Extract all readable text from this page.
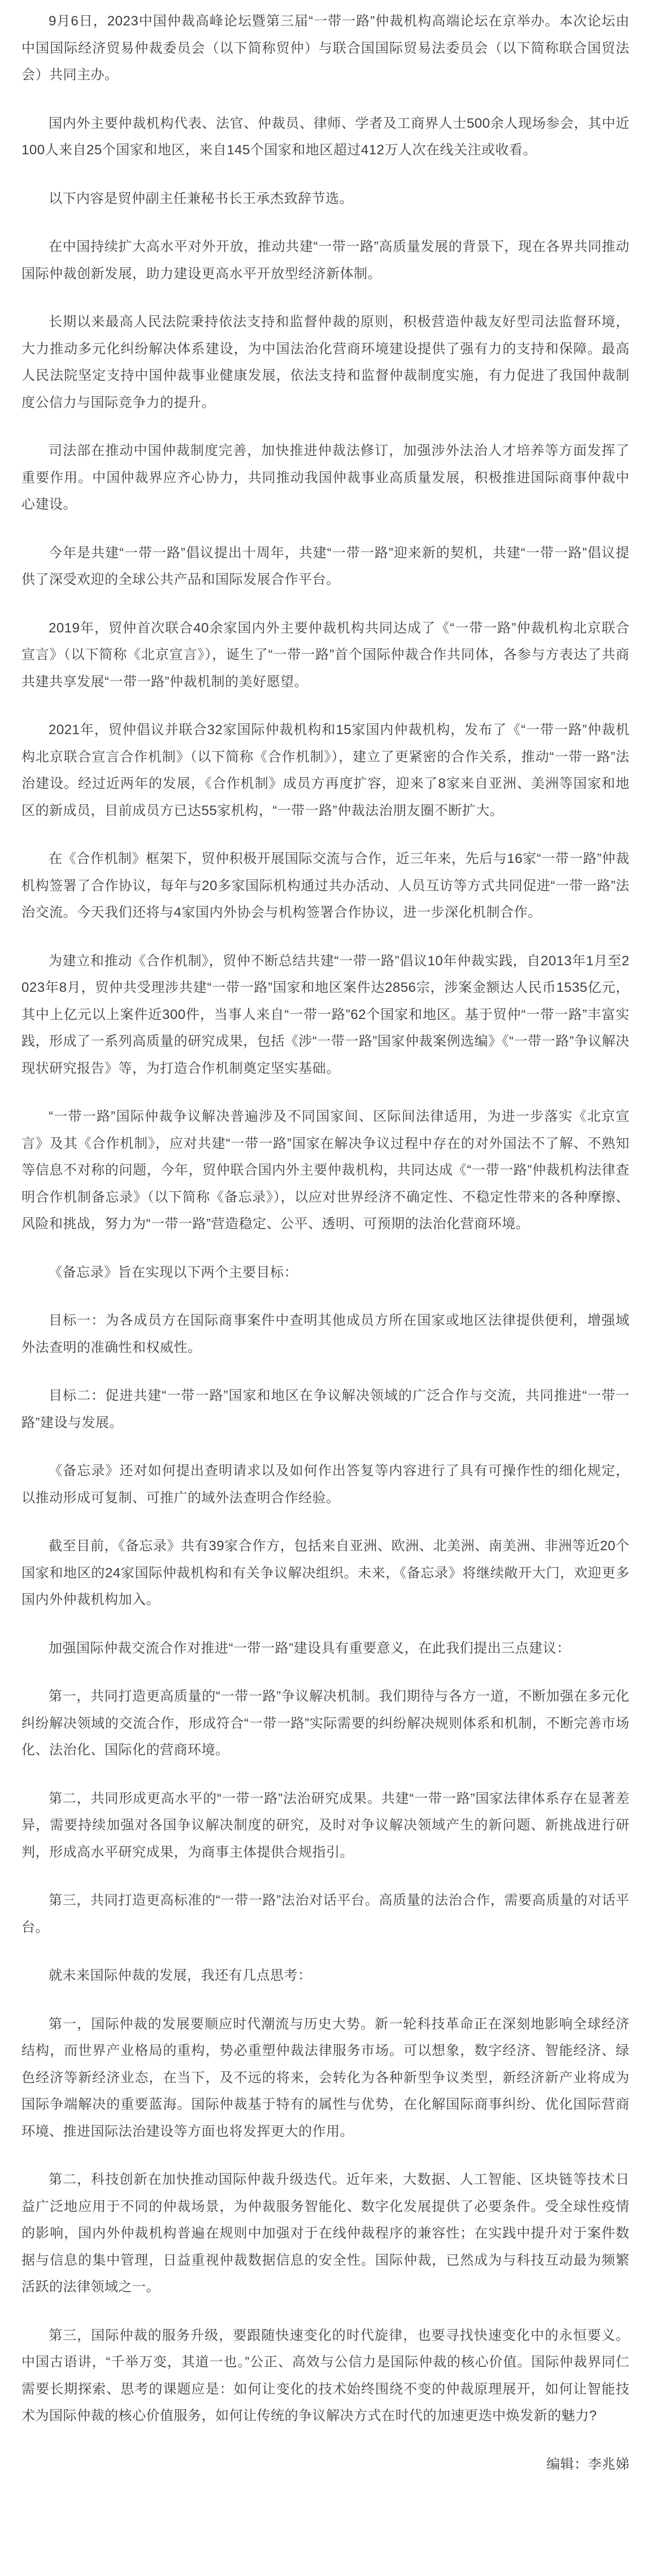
9月6日，2023中国仲裁高峰论坛暨第三届“一带一路”仲裁机构高端论坛在京举办。本次论坛由中国国际经济贸易仲裁委员会（以下简称贸仲）与联合国国际贸易法委员会（以下简称联合国贸法会）共同主办。

国内外主要仲裁机构代表、法官、仲裁员、律师、学者及工商界人士500余人现场参会，其中近100人来自25个国家和地区，来自145个国家和地区超过412万人次在线关注或收看。

以下内容是贸仲副主任兼秘书长王承杰致辞节选。

在中国持续扩大高水平对外开放，推动共建“一带一路”高质量发展的背景下，现在各界共同推动国际仲裁创新发展，助力建设更高水平开放型经济新体制。

长期以来最高人民法院秉持依法支持和监督仲裁的原则，积极营造仲裁友好型司法监督环境，大力推动多元化纠纷解决体系建设，为中国法治化营商环境建设提供了强有力的支持和保障。最高人民法院坚定支持中国仲裁事业健康发展，依法支持和监督仲裁制度实施，有力促进了我国仲裁制度公信力与国际竞争力的提升。

司法部在推动中国仲裁制度完善，加快推进仲裁法修订，加强涉外法治人才培养等方面发挥了重要作用。中国仲裁界应齐心协力，共同推动我国仲裁事业高质量发展，积极推进国际商事仲裁中心建设。

今年是共建“一带一路”倡议提出十周年，共建“一带一路”迎来新的契机，共建“一带一路”倡议提供了深受欢迎的全球公共产品和国际发展合作平台。

2019年，贸仲首次联合40余家国内外主要仲裁机构共同达成了《“一带一路”仲裁机构北京联合宣言》（以下简称《北京宣言》），诞生了“一带一路”首个国际仲裁合作共同体，各参与方表达了共商共建共享发展“一带一路”仲裁机制的美好愿望。

2021年，贸仲倡议并联合32家国际仲裁机构和15家国内仲裁机构，发布了《“一带一路”仲裁机构北京联合宣言合作机制》（以下简称《合作机制》），建立了更紧密的合作关系，推动“一带一路”法治建设。经过近两年的发展，《合作机制》成员方再度扩容，迎来了8家来自亚洲、美洲等国家和地区的新成员，目前成员方已达55家机构，“一带一路”仲裁法治朋友圈不断扩大。

在《合作机制》框架下，贸仲积极开展国际交流与合作，近三年来，先后与16家“一带一路”仲裁机构签署了合作协议，每年与20多家国际机构通过共办活动、人员互访等方式共同促进“一带一路”法治交流。今天我们还将与4家国内外协会与机构签署合作协议，进一步深化机制合作。

为建立和推动《合作机制》，贸仲不断总结共建“一带一路”倡议10年仲裁实践，自2013年1月至2023年8月，贸仲共受理涉共建“一带一路”国家和地区案件达2856宗，涉案金额达人民币1535亿元，其中上亿元以上案件近300件，当事人来自“一带一路”62个国家和地区。基于贸仲“一带一路”丰富实践，形成了一系列高质量的研究成果，包括《涉“一带一路”国家仲裁案例选编》《“一带一路”争议解决现状研究报告》等，为打造合作机制奠定坚实基础。

“一带一路”国际仲裁争议解决普遍涉及不同国家间、区际间法律适用，为进一步落实《北京宣言》及其《合作机制》，应对共建“一带一路”国家在解决争议过程中存在的对外国法不了解、不熟知等信息不对称的问题，今年，贸仲联合国内外主要仲裁机构，共同达成《“一带一路”仲裁机构法律查明合作机制备忘录》（以下简称《备忘录》），以应对世界经济不确定性、不稳定性带来的各种摩擦、风险和挑战，努力为“一带一路”营造稳定、公平、透明、可预期的法治化营商环境。

《备忘录》旨在实现以下两个主要目标：

目标一：为各成员方在国际商事案件中查明其他成员方所在国家或地区法律提供便利，增强域外法查明的准确性和权威性。

目标二：促进共建“一带一路”国家和地区在争议解决领域的广泛合作与交流，共同推进“一带一路”建设与发展。

《备忘录》还对如何提出查明请求以及如何作出答复等内容进行了具有可操作性的细化规定，以推动形成可复制、可推广的域外法查明合作经验。

截至目前，《备忘录》共有39家合作方，包括来自亚洲、欧洲、北美洲、南美洲、非洲等近20个国家和地区的24家国际仲裁机构和有关争议解决组织。未来，《备忘录》将继续敞开大门，欢迎更多国内外仲裁机构加入。

加强国际仲裁交流合作对推进“一带一路”建设具有重要意义，在此我们提出三点建议：

第一，共同打造更高质量的“一带一路”争议解决机制。我们期待与各方一道，不断加强在多元化纠纷解决领域的交流合作，形成符合“一带一路”实际需要的纠纷解决规则体系和机制，不断完善市场化、法治化、国际化的营商环境。

第二，共同形成更高水平的“一带一路”法治研究成果。共建“一带一路”国家法律体系存在显著差异，需要持续加强对各国争议解决制度的研究，及时对争议解决领域产生的新问题、新挑战进行研判，形成高水平研究成果，为商事主体提供合规指引。

第三，共同打造更高标准的“一带一路”法治对话平台。高质量的法治合作，需要高质量的对话平台。

就未来国际仲裁的发展，我还有几点思考：

第一，国际仲裁的发展要顺应时代潮流与历史大势。新一轮科技革命正在深刻地影响全球经济结构，而世界产业格局的重构，势必重塑仲裁法律服务市场。可以想象，数字经济、智能经济、绿色经济等新经济业态，在当下，及不远的将来，会转化为各种新型争议类型，新经济新产业将成为国际争端解决的重要蓝海。国际仲裁基于特有的属性与优势，在化解国际商事纠纷、优化国际营商环境、推进国际法治建设等方面也将发挥更大的作用。

第二，科技创新在加快推动国际仲裁升级迭代。近年来，大数据、人工智能、区块链等技术日益广泛地应用于不同的仲裁场景，为仲裁服务智能化、数字化发展提供了必要条件。受全球性疫情的影响，国内外仲裁机构普遍在规则中加强对于在线仲裁程序的兼容性；在实践中提升对于案件数据与信息的集中管理，日益重视仲裁数据信息的安全性。国际仲裁，已然成为与科技互动最为频繁活跃的法律领域之一。

第三，国际仲裁的服务升级，要跟随快速变化的时代旋律，也要寻找快速变化中的永恒要义。中国古语讲，“千举万变，其道一也。”公正、高效与公信力是国际仲裁的核心价值。国际仲裁界同仁需要长期探索、思考的课题应是：如何让变化的技术始终围绕不变的仲裁原理展开，如何让智能技术为国际仲裁的核心价值服务，如何让传统的争议解决方式在时代的加速更迭中焕发新的魅力?

编辑：李兆娣
